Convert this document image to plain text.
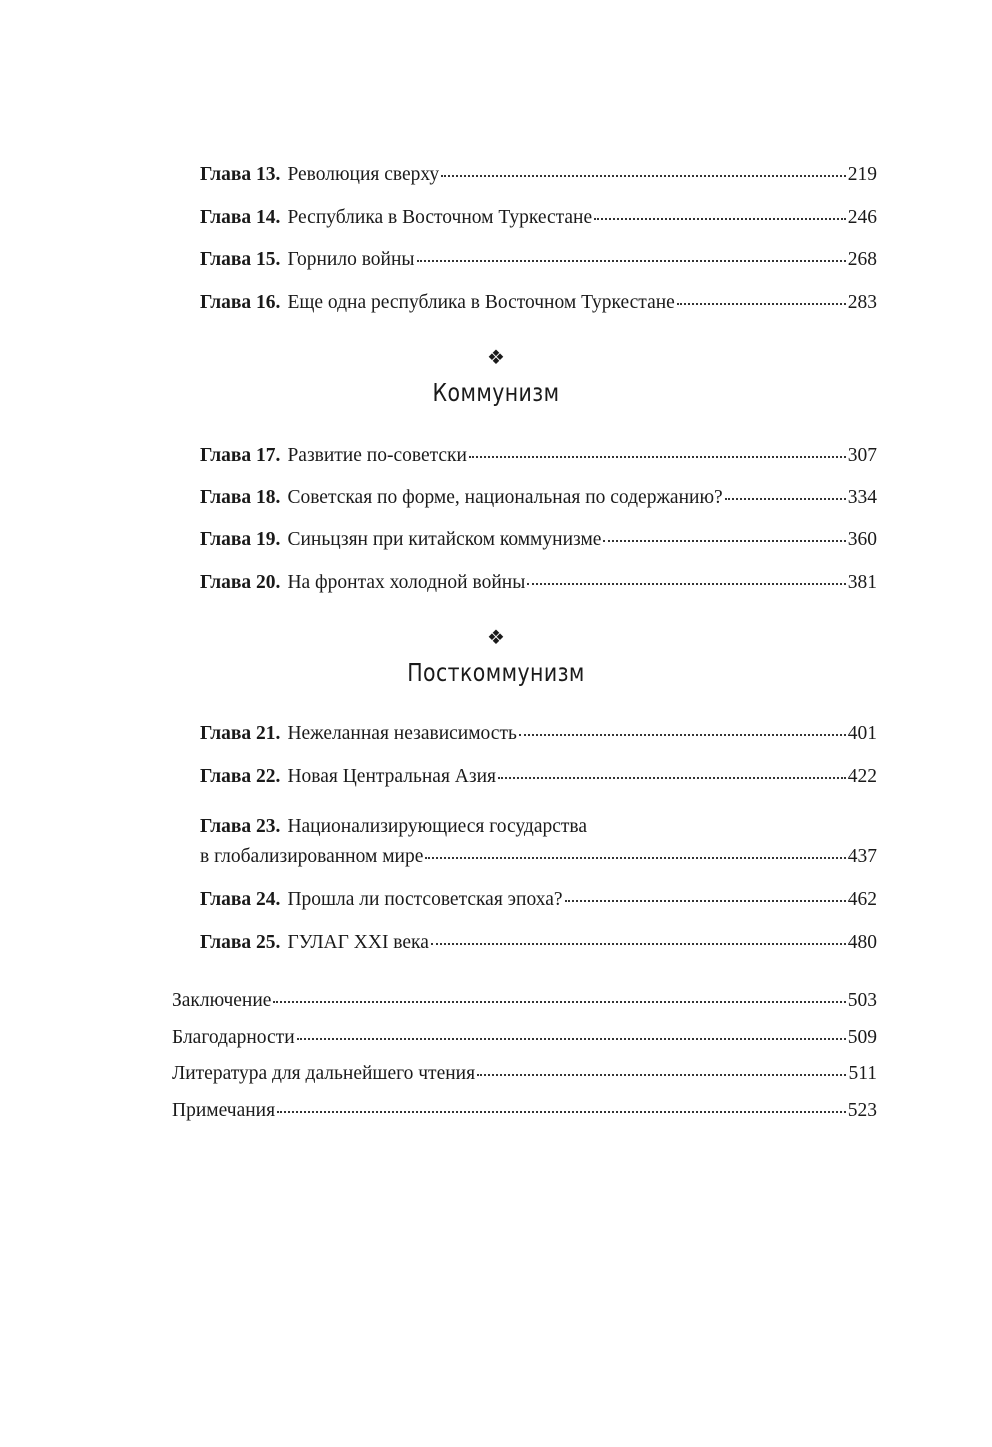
Глава 13. Революция сверху	219
Глава 14. Республика в Восточном Туркестане	246
Глава 15. Горнило войны	268
Глава 16. Еще одна республика в Восточном Туркестане	283
❖
Коммунизм
Глава 17. Развитие по-советски	307
Глава 18. Советская по форме, национальная по содержанию?	334
Глава 19. Синьцзян при китайском коммунизме	360
Глава 20. На фронтах холодной войны	381
❖
Посткоммунизм
Глава 21. Нежеланная независимость	401
Глава 22. Новая Центральная Азия	422
Глава 23. Национализирующиеся государства
в глобализированном мире	437
Глава 24. Прошла ли постсоветская эпоха?	462
Глава 25. ГУЛАГ XXI века	480
Заключение	503
Благодарности	509
Литература для дальнейшего чтения	511
Примечания	523
